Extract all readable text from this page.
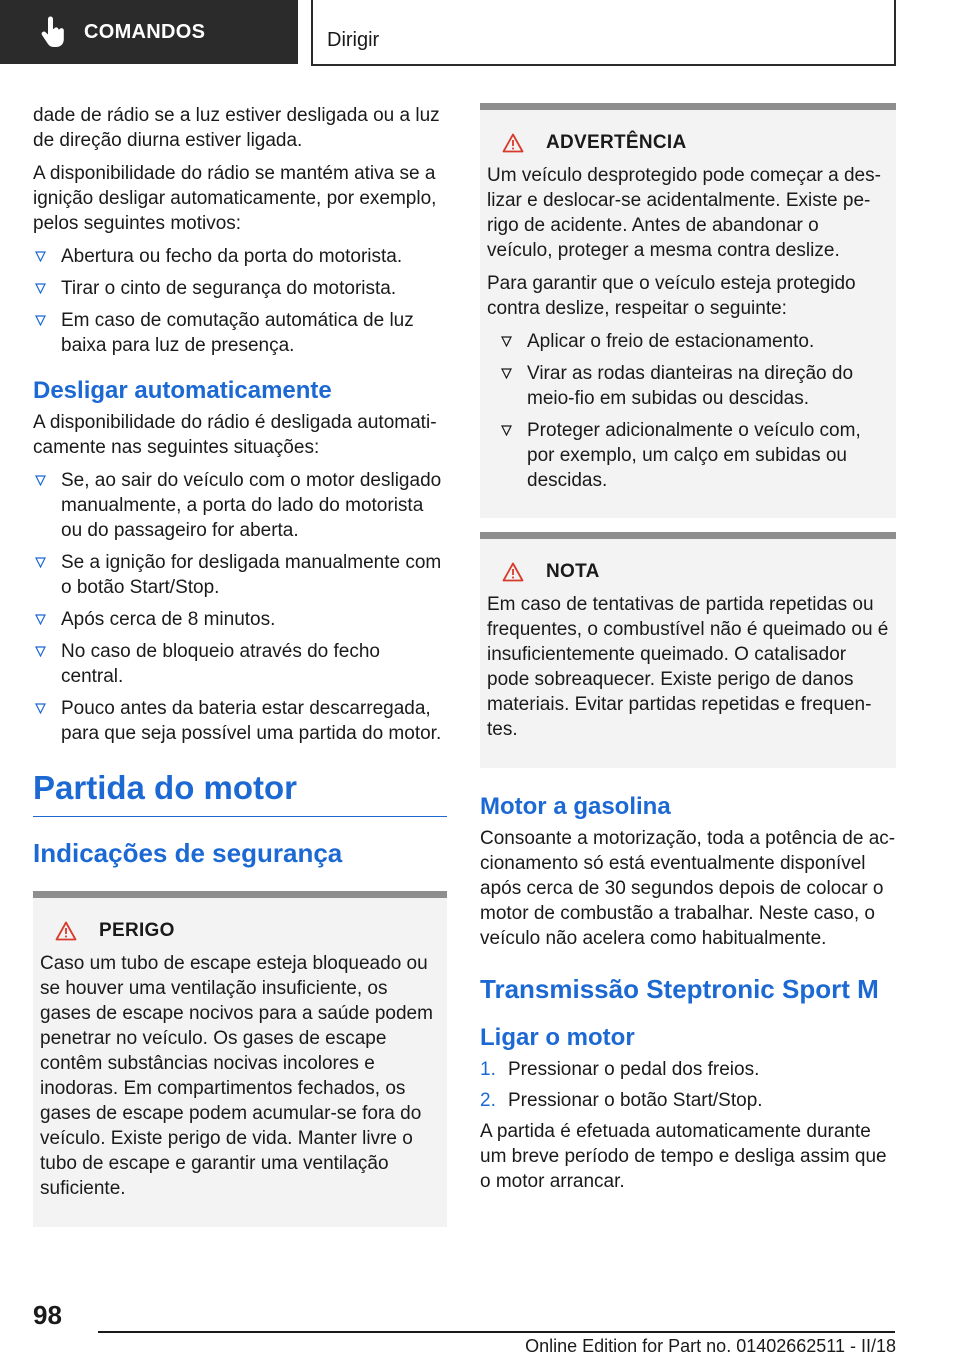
COMANDOS	Dirigir

dade de rádio se a luz estiver desligada ou a luz de direção diurna estiver ligada.

A disponibilidade do rádio se mantém ativa se a ignição desligar automaticamente, por exemplo, pelos seguintes motivos:

Abertura ou fecho da porta do motorista.
Tirar o cinto de segurança do motorista.
Em caso de comutação automática de luz baixa para luz de presença.
Desligar automaticamente

A disponibilidade do rádio é desligada automaticamente nas seguintes situações:

Se, ao sair do veículo com o motor desligado manualmente, a porta do lado do motorista ou do passageiro for aberta.
Se a ignição for desligada manualmente com o botão Start/Stop.
Após cerca de 8 minutos.
No caso de bloqueio através do fecho central.
Pouco antes da bateria estar descarregada, para que seja possível uma partida do motor.
Partida do motor
Indicações de segurança
PERIGO

Caso um tubo de escape esteja bloqueado ou se houver uma ventilação insuficiente, os gases de escape nocivos para a saúde podem penetrar no veículo. Os gases de escape contêm substâncias nocivas incolores e inodoras. Em compartimentos fechados, os gases de escape podem acumular-se fora do veículo. Existe perigo de vida. Manter livre o tubo de escape e garantir uma ventilação suficiente.

ADVERTÊNCIA

Um veículo desprotegido pode começar a deslizar e deslocar-se acidentalmente. Existe perigo de acidente. Antes de abandonar o veículo, proteger a mesma contra deslize.

Para garantir que o veículo esteja protegido contra deslize, respeitar o seguinte:

Aplicar o freio de estacionamento.
Virar as rodas dianteiras na direção do meio-fio em subidas ou descidas.
Proteger adicionalmente o veículo com, por exemplo, um calço em subidas ou descidas.
NOTA

Em caso de tentativas de partida repetidas ou frequentes, o combustível não é queimado ou é insuficientemente queimado. O catalisador pode sobreaquecer. Existe perigo de danos materiais. Evitar partidas repetidas e frequentes.

Motor a gasolina

Consoante a motorização, toda a potência de accionamento só está eventualmente disponível após cerca de 30 segundos depois de colocar o motor de combustão a trabalhar. Neste caso, o veículo não acelera como habitualmente.

Transmissão Steptronic Sport M
Ligar o motor
1. Pressionar o pedal dos freios.
2. Pressionar o botão Start/Stop.

A partida é efetuada automaticamente durante um breve período de tempo e desliga assim que o motor arrancar.

98
Online Edition for Part no. 01402662511 - II/18
